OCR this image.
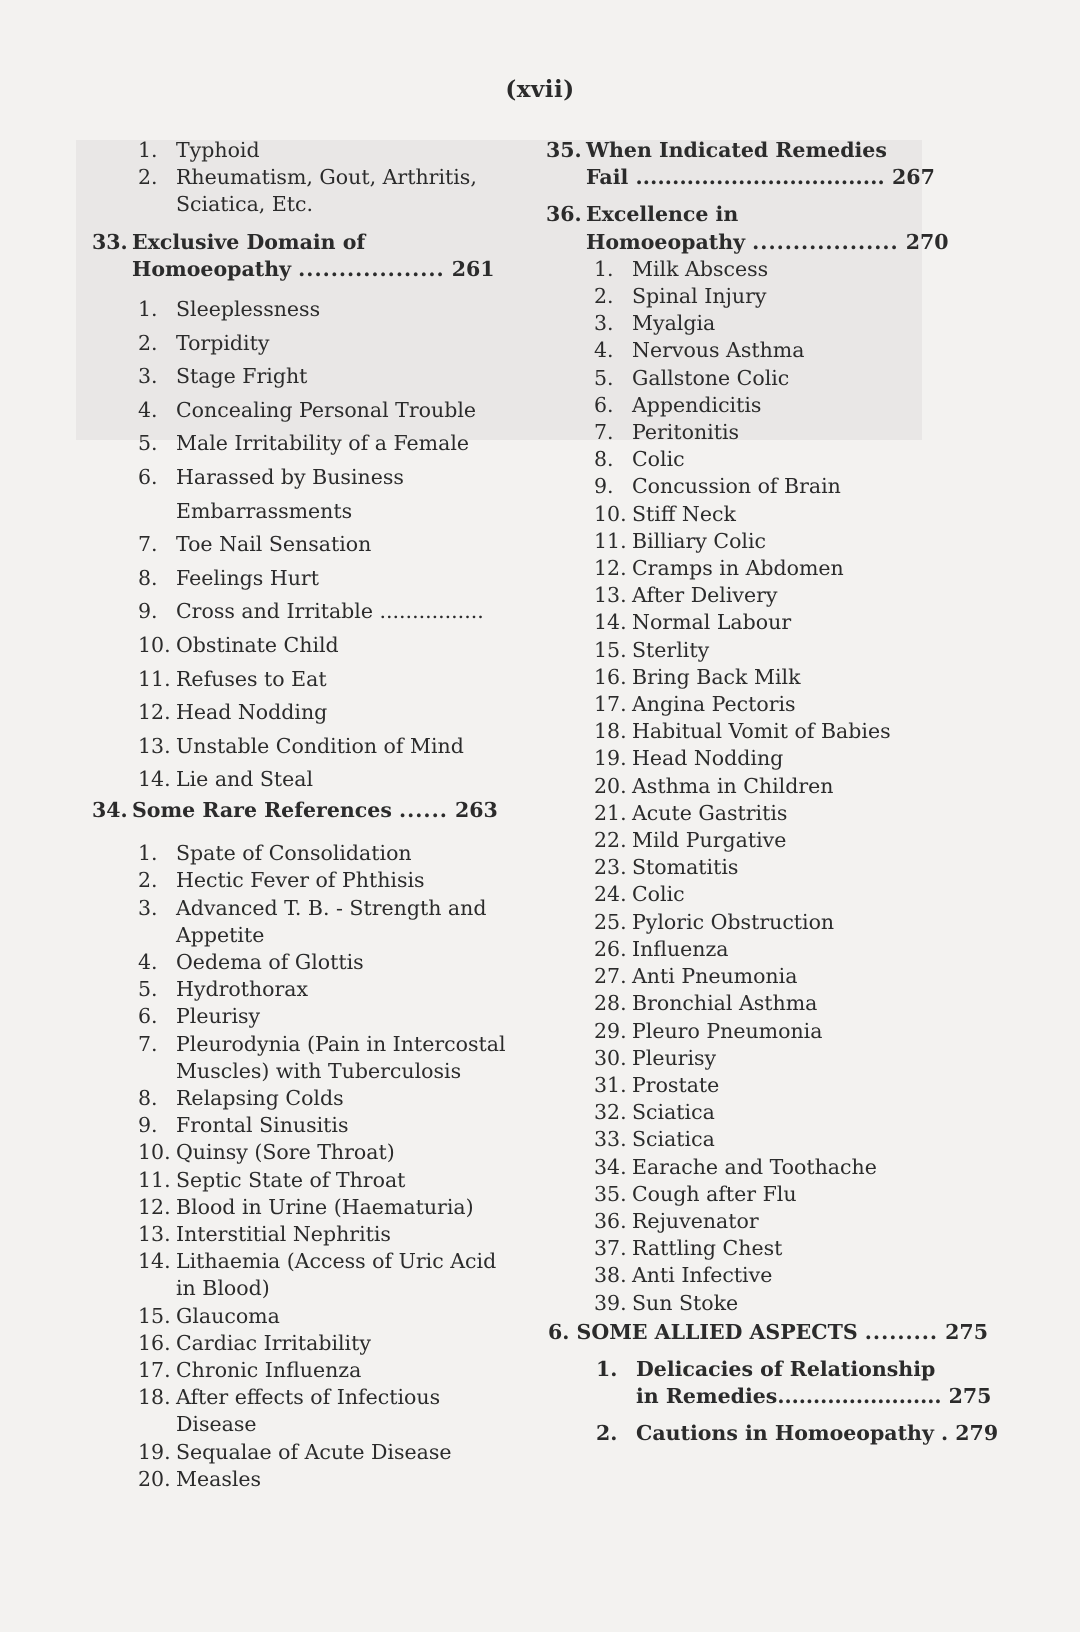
(xvii)
1. Typhoid
2. Rheumatism, Gout, Arthritis,
Sciatica, Etc.
33. Exclusive Domain of
Homoeopathy .................. 261
1. Sleeplessness
2. Torpidity
3. Stage Fright
4. Concealing Personal Trouble
5. Male Irritability of a Female
6. Harassed by Business
Embarrassments
7. Toe Nail Sensation
8. Feelings Hurt
9. Cross and Irritable ................
10. Obstinate Child
11. Refuses to Eat
12. Head Nodding
13. Unstable Condition of Mind
14. Lie and Steal
34. Some Rare References ...... 263
1. Spate of Consolidation
2. Hectic Fever of Phthisis
3. Advanced T. B. - Strength and
Appetite
4. Oedema of Glottis
5. Hydrothorax
6. Pleurisy
7. Pleurodynia (Pain in Intercostal
Muscles) with Tuberculosis
8. Relapsing Colds
9. Frontal Sinusitis
10. Quinsy (Sore Throat)
11. Septic State of Throat
12. Blood in Urine (Haematuria)
13. Interstitial Nephritis
14. Lithaemia (Access of Uric Acid
in Blood)
15. Glaucoma
16. Cardiac Irritability
17. Chronic Influenza
18. After effects of Infectious
Disease
19. Sequalae of Acute Disease
20. Measles
35. When Indicated Remedies
Fail .................................. 267
36. Excellence in
Homoeopathy .................. 270
1. Milk Abscess
2. Spinal Injury
3. Myalgia
4. Nervous Asthma
5. Gallstone Colic
6. Appendicitis
7. Peritonitis
8. Colic
9. Concussion of Brain
10. Stiff Neck
11. Billiary Colic
12. Cramps in Abdomen
13. After Delivery
14. Normal Labour
15. Sterlity
16. Bring Back Milk
17. Angina Pectoris
18. Habitual Vomit of Babies
19. Head Nodding
20. Asthma in Children
21. Acute Gastritis
22. Mild Purgative
23. Stomatitis
24. Colic
25. Pyloric Obstruction
26. Influenza
27. Anti Pneumonia
28. Bronchial Asthma
29. Pleuro Pneumonia
30. Pleurisy
31. Prostate
32. Sciatica
33. Sciatica
34. Earache and Toothache
35. Cough after Flu
36. Rejuvenator
37. Rattling Chest
38. Anti Infective
39. Sun Stoke
6. SOME ALLIED ASPECTS ......... 275
1. Delicacies of Relationship
in Remedies....................... 275
2. Cautions in Homoeopathy . 279
